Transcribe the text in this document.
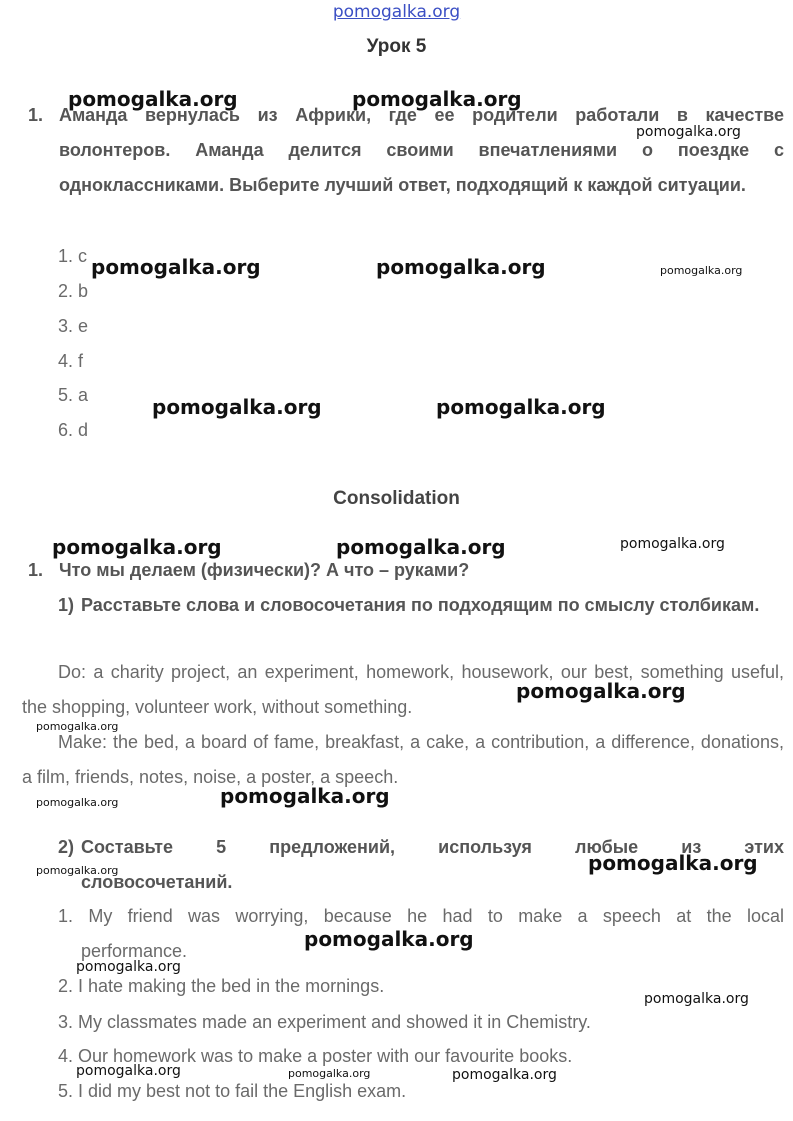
pomogalka.org
Урок 5
1. Аманда вернулась из Африки, где ее родители работали в качестве волонтеров. Аманда делится своими впечатлениями о поездке с одноклассниками. Выберите лучший ответ, подходящий к каждой ситуации.
1. c
2. b
3. e
4. f
5. a
6. d
Consolidation
1. Что мы делаем (физически)? А что – руками?
1) Расставьте слова и словосочетания по подходящим по смыслу столбикам.
Do: a charity project, an experiment, homework, housework, our best, something useful, the shopping, volunteer work, without something.
Make: the bed, a board of fame, breakfast, a cake, a contribution, a difference, donations, a film, friends, notes, noise, a poster, a speech.
2) Составьте 5 предложений, используя любые из этих
словосочетаний.
1. My friend was worrying, because he had to make a speech at the local
performance.
2. I hate making the bed in the mornings.
3. My classmates made an experiment and showed it in Chemistry.
4. Our homework was to make a poster with our favourite books.
5. I did my best not to fail the English exam.
pomogalka.org	pomogalka.org
pomogalka.org
pomogalka.org	pomogalka.org	pomogalka.org
pomogalka.org	pomogalka.org
pomogalka.org	pomogalka.org	pomogalka.org
pomogalka.org
pomogalka.org
pomogalka.org
pomogalka.org
pomogalka.org
pomogalka.org
pomogalka.org
pomogalka.org
pomogalka.org
pomogalka.org	pomogalka.org	pomogalka.org
